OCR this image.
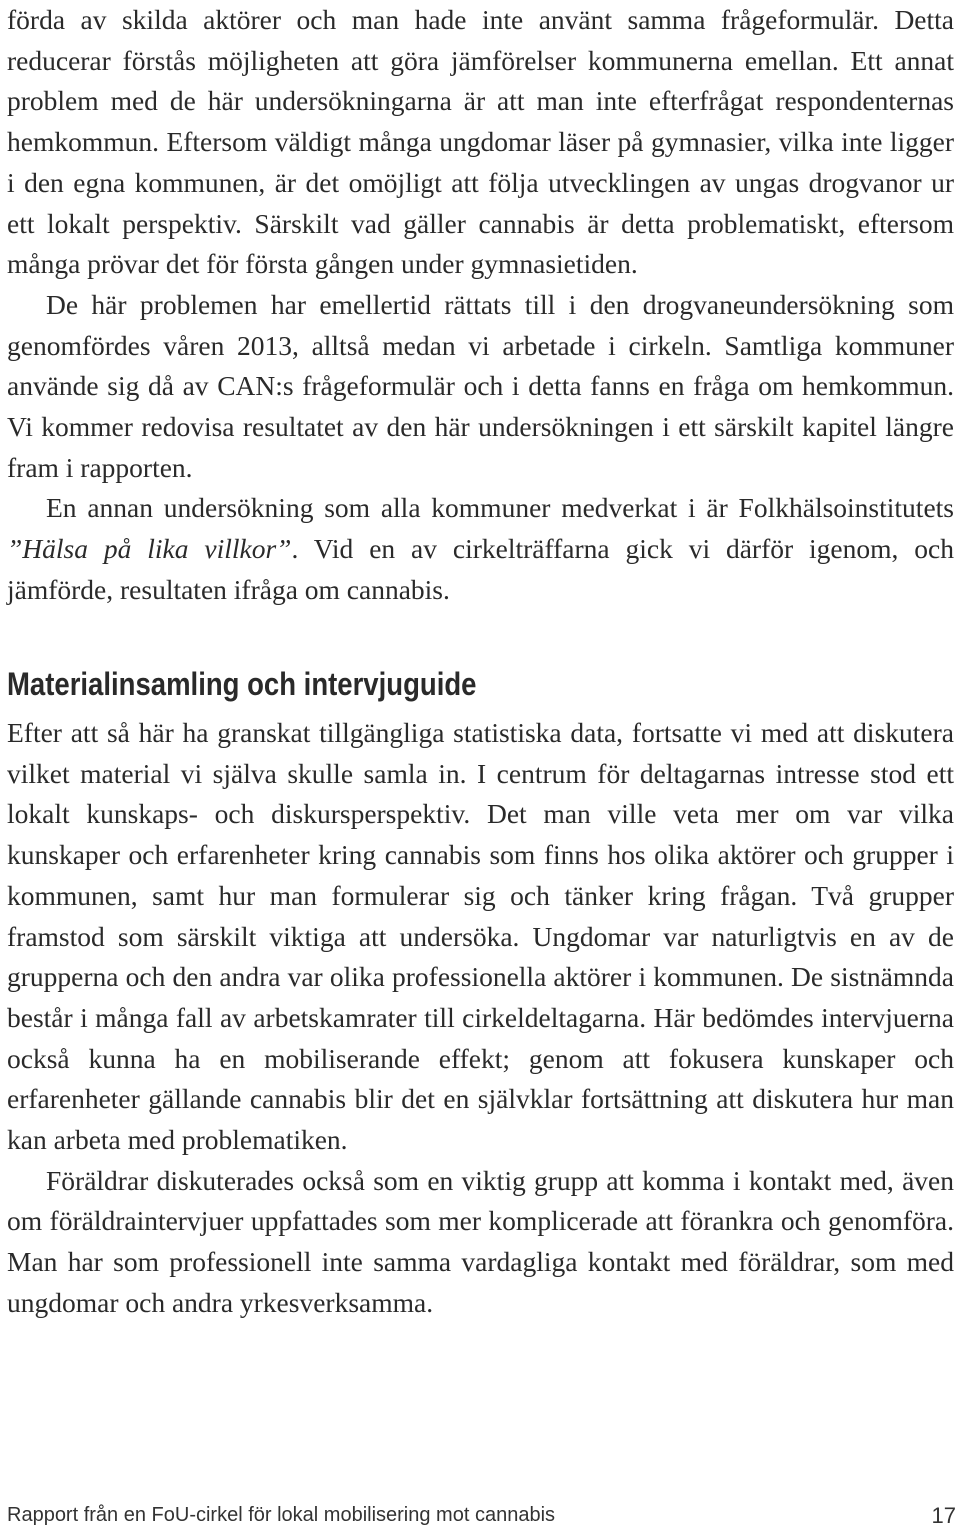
förda av skilda aktörer och man hade inte använt samma frågeformulär. Detta reducerar förstås möjligheten att göra jämförelser kommunerna emellan. Ett annat problem med de här undersökningarna är att man inte efterfrågat respondenternas hemkommun. Eftersom väldigt många ungdomar läser på gymnasier, vilka inte ligger i den egna kommunen, är det omöjligt att följa utvecklingen av ungas drogvanor ur ett lokalt perspektiv. Särskilt vad gäller cannabis är detta problematiskt, eftersom många prövar det för första gången under gymnasietiden.

De här problemen har emellertid rättats till i den drogvaneundersökning som genomfördes våren 2013, alltså medan vi arbetade i cirkeln. Samtliga kommuner använde sig då av CAN:s frågeformulär och i detta fanns en fråga om hemkommun. Vi kommer redovisa resultatet av den här undersökningen i ett särskilt kapitel längre fram i rapporten.

En annan undersökning som alla kommuner medverkat i är Folkhälsoinstitutets ”Hälsa på lika villkor”. Vid en av cirkelträffarna gick vi därför igenom, och jämförde, resultaten ifråga om cannabis.

Materialinsamling och intervjuguide

Efter att så här ha granskat tillgängliga statistiska data, fortsatte vi med att diskutera vilket material vi själva skulle samla in. I centrum för deltagarnas intresse stod ett lokalt kunskaps- och diskursperspektiv. Det man ville veta mer om var vilka kunskaper och erfarenheter kring cannabis som finns hos olika aktörer och grupper i kommunen, samt hur man formulerar sig och tänker kring frågan. Två grupper framstod som särskilt viktiga att undersöka. Ungdomar var naturligtvis en av de grupperna och den andra var olika professionella aktörer i kommunen. De sistnämnda består i många fall av arbetskamrater till cirkeldeltagarna. Här bedömdes intervjuerna också kunna ha en mobiliserande effekt; genom att fokusera kunskaper och erfarenheter gällande cannabis blir det en självklar fortsättning att diskutera hur man kan arbeta med problematiken.

Föräldrar diskuterades också som en viktig grupp att komma i kontakt med, även om föräldraintervjuer uppfattades som mer komplicerade att förankra och genomföra. Man har som professionell inte samma vardagliga kontakt med föräldrar, som med ungdomar och andra yrkesverksamma.

Rapport från en FoU-cirkel för lokal mobilisering mot cannabis	17
